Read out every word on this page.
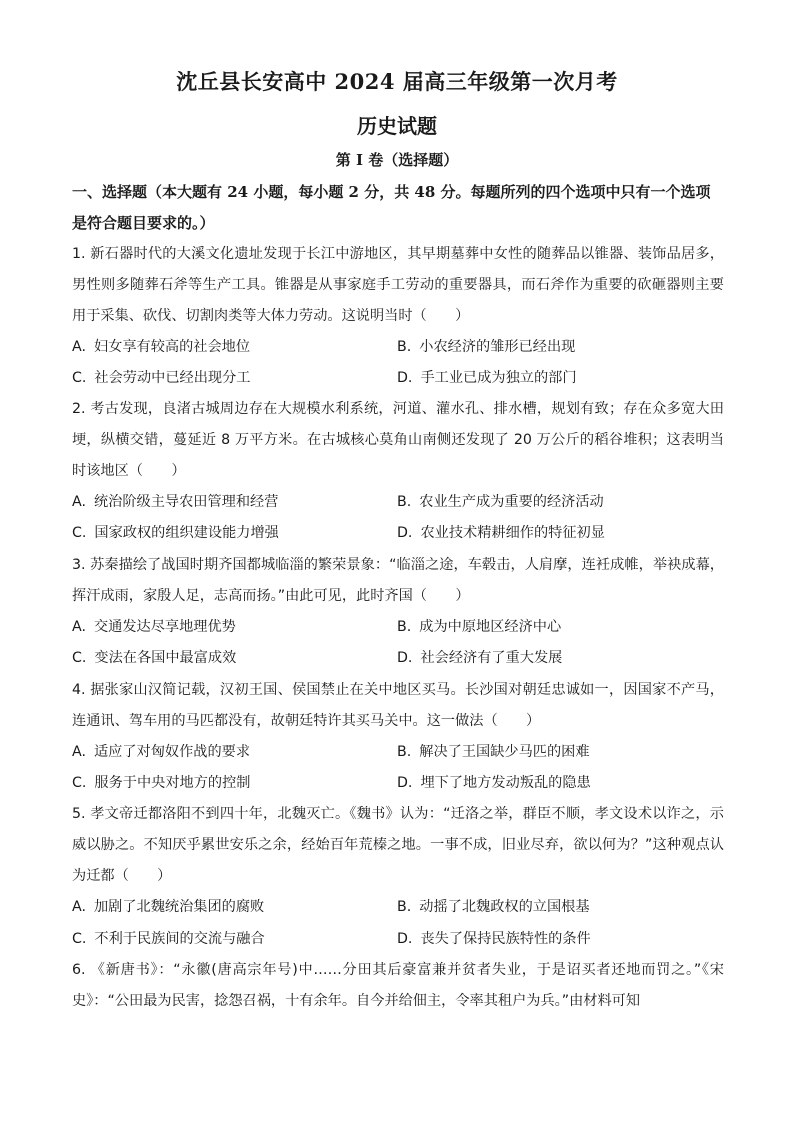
沈丘县长安高中 2024 届高三年级第一次月考
历史试题
第 I 卷（选择题）
一、选择题（本大题有 24 小题，每小题 2 分，共 48 分。每题所列的四个选项中只有一个选项是符合题目要求的。）
1. 新石器时代的大溪文化遗址发现于长江中游地区，其早期墓葬中女性的随葬品以锥器、装饰品居多，男性则多随葬石斧等生产工具。锥器是从事家庭手工劳动的重要器具，而石斧作为重要的砍砸器则主要用于采集、砍伐、切割肉类等大体力劳动。这说明当时（　　）
A. 妇女享有较高的社会地位	B. 小农经济的雏形已经出现
C. 社会劳动中已经出现分工	D. 手工业已成为独立的部门
2. 考古发现，良渚古城周边存在大规模水利系统，河道、灌水孔、排水槽，规划有致；存在众多宽大田埂，纵横交错，蔓延近 8 万平方米。在古城核心莫角山南侧还发现了 20 万公斤的稻谷堆积；这表明当时该地区（　　）
A. 统治阶级主导农田管理和经营	B. 农业生产成为重要的经济活动
C. 国家政权的组织建设能力增强	D. 农业技术精耕细作的特征初显
3. 苏秦描绘了战国时期齐国都城临淄的繁荣景象：“临淄之途，车毂击，人肩摩，连衽成帷，举袂成幕，挥汗成雨，家殷人足，志高而扬。”由此可见，此时齐国（　　）
A. 交通发达尽享地理优势	B. 成为中原地区经济中心
C. 变法在各国中最富成效	D. 社会经济有了重大发展
4. 据张家山汉简记载，汉初王国、侯国禁止在关中地区买马。长沙国对朝廷忠诚如一，因国家不产马，连通讯、驾车用的马匹都没有，故朝廷特许其买马关中。这一做法（　　）
A. 适应了对匈奴作战的要求	B. 解决了王国缺少马匹的困难
C. 服务于中央对地方的控制	D. 埋下了地方发动叛乱的隐患
5. 孝文帝迁都洛阳不到四十年，北魏灭亡。《魏书》认为：“迁洛之举，群臣不顺，孝文设术以诈之，示威以胁之。不知厌乎累世安乐之余，经始百年荒榛之地。一事不成，旧业尽弃，欲以何为？”这种观点认为迁都（　　）
A. 加剧了北魏统治集团的腐败	B. 动摇了北魏政权的立国根基
C. 不利于民族间的交流与融合	D. 丧失了保持民族特性的条件
6. 《新唐书》：“永徽(唐高宗年号)中……分田其后豪富兼并贫者失业，于是诏买者还地而罚之。”《宋史》：“公田最为民害，捻怨召祸，十有余年。自今并给佃主，令率其租户为兵。”由材料可知
